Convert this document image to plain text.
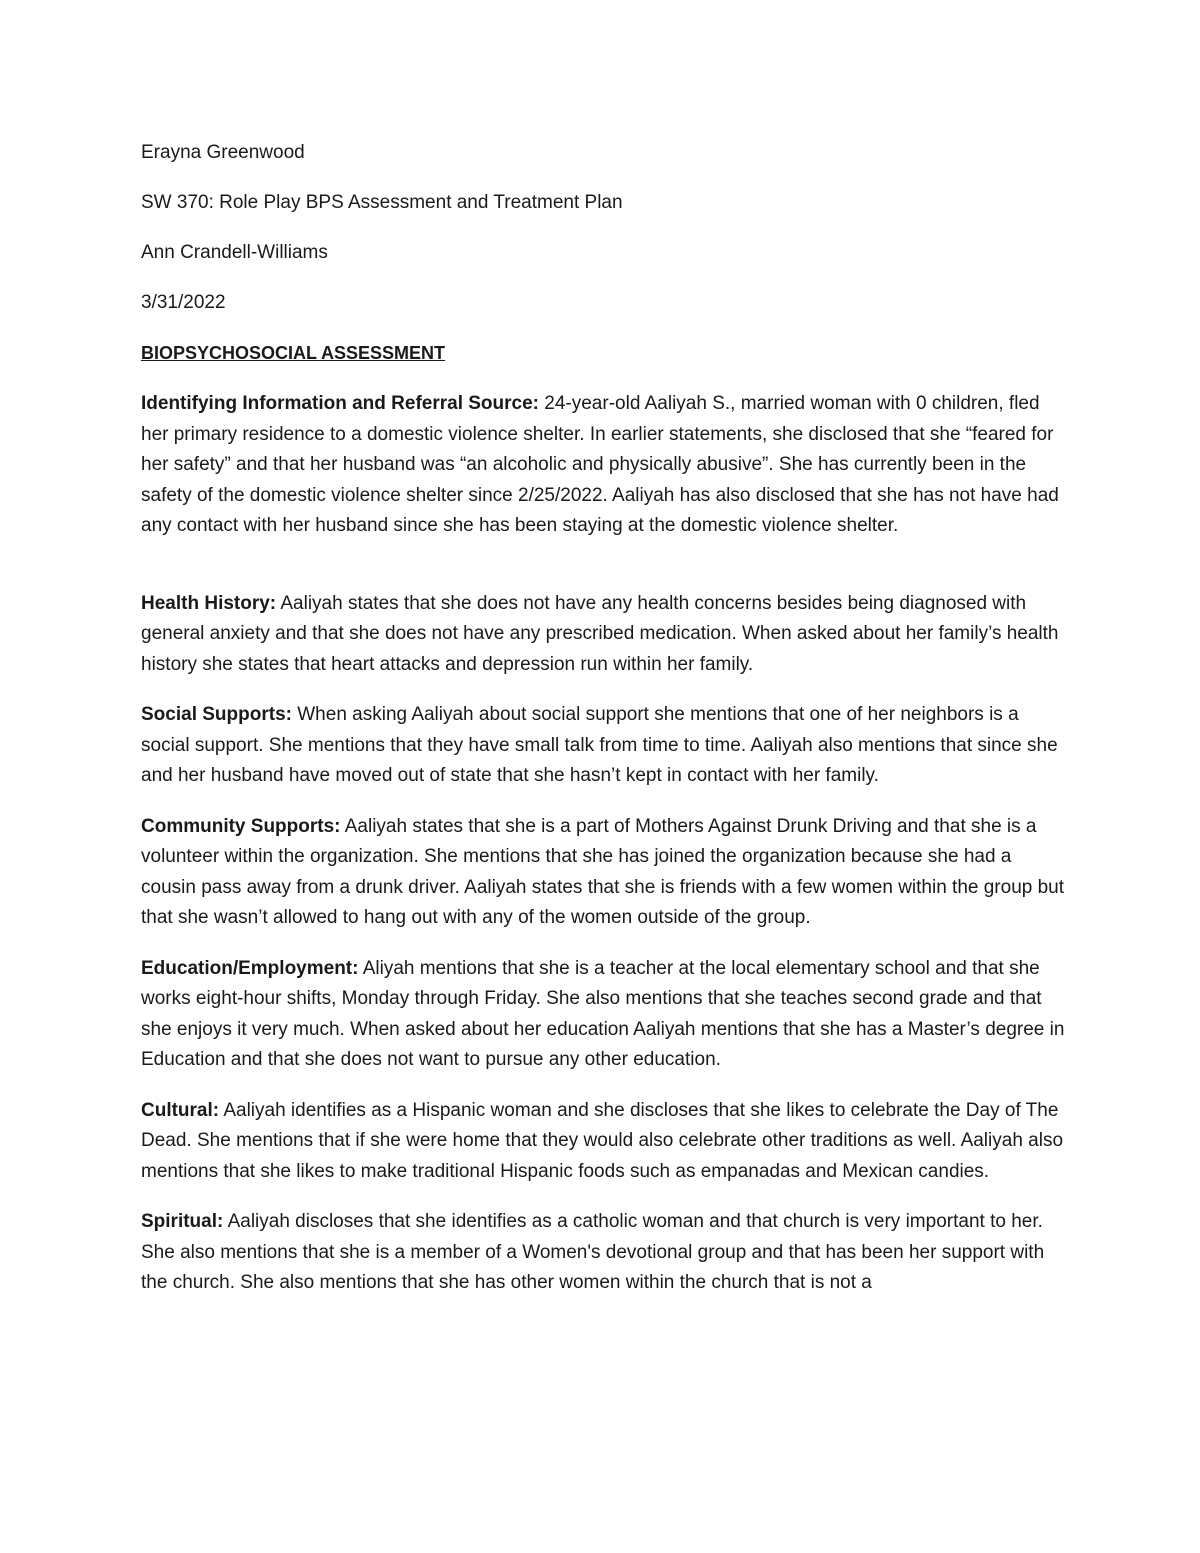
Erayna Greenwood

SW 370: Role Play BPS Assessment and Treatment Plan

Ann Crandell-Williams

3/31/2022

BIOPSYCHOSOCIAL ASSESSMENT

Identifying Information and Referral Source: 24-year-old Aaliyah S., married woman with 0 children, fled her primary residence to a domestic violence shelter. In earlier statements, she disclosed that she “feared for her safety” and that her husband was “an alcoholic and physically abusive”. She has currently been in the safety of the domestic violence shelter since 2/25/2022. Aaliyah has also disclosed that she has not have had any contact with her husband since she has been staying at the domestic violence shelter.

Health History: Aaliyah states that she does not have any health concerns besides being diagnosed with general anxiety and that she does not have any prescribed medication. When asked about her family’s health history she states that heart attacks and depression run within her family.

Social Supports: When asking Aaliyah about social support she mentions that one of her neighbors is a social support. She mentions that they have small talk from time to time. Aaliyah also mentions that since she and her husband have moved out of state that she hasn’t kept in contact with her family.

Community Supports: Aaliyah states that she is a part of Mothers Against Drunk Driving and that she is a volunteer within the organization. She mentions that she has joined the organization because she had a cousin pass away from a drunk driver. Aaliyah states that she is friends with a few women within the group but that she wasn’t allowed to hang out with any of the women outside of the group.

Education/Employment: Aliyah mentions that she is a teacher at the local elementary school and that she works eight-hour shifts, Monday through Friday. She also mentions that she teaches second grade and that she enjoys it very much. When asked about her education Aaliyah mentions that she has a Master’s degree in Education and that she does not want to pursue any other education.

Cultural: Aaliyah identifies as a Hispanic woman and she discloses that she likes to celebrate the Day of The Dead. She mentions that if she were home that they would also celebrate other traditions as well. Aaliyah also mentions that she likes to make traditional Hispanic foods such as empanadas and Mexican candies.

Spiritual: Aaliyah discloses that she identifies as a catholic woman and that church is very important to her. She also mentions that she is a member of a Women's devotional group and that has been her support with the church. She also mentions that she has other women within the church that is not a
